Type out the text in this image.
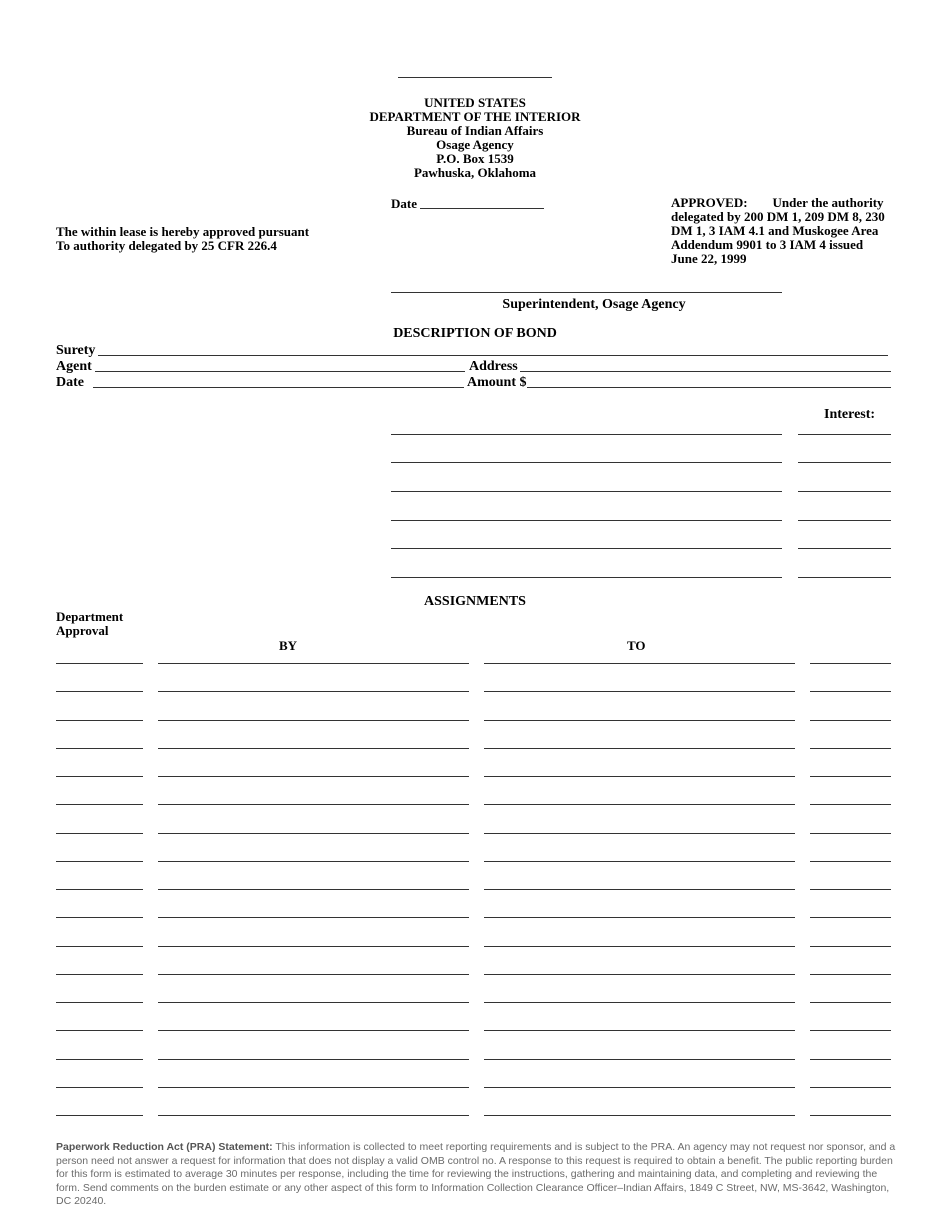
UNITED STATES
DEPARTMENT OF THE INTERIOR
Bureau of Indian Affairs
Osage Agency
P.O. Box 1539
Pawhuska, Oklahoma
Date
The within lease is hereby approved pursuant
To authority delegated by 25 CFR 226.4
APPROVED: Under the authority
delegated by 200 DM 1, 209 DM 8, 230
DM 1, 3 IAM 4.1 and Muskogee Area
Addendum 9901 to 3 IAM 4 issued
June 22, 1999
Superintendent, Osage Agency
DESCRIPTION OF BOND
Surety
Agent	Address
Date	Amount $
Interest:
ASSIGNMENTS
Department
Approval
BY	TO
Paperwork Reduction Act (PRA) Statement: This information is collected to meet reporting requirements and is subject to the PRA. An agency may not request nor sponsor, and a person need not answer a request for information that does not display a valid OMB control no. A response to this request is required to obtain a benefit. The public reporting burden for this form is estimated to average 30 minutes per response, including the time for reviewing the instructions, gathering and maintaining data, and completing and reviewing the form. Send comments on the burden estimate or any other aspect of this form to Information Collection Clearance Officer–Indian Affairs, 1849 C Street, NW, MS-3642, Washington, DC 20240.
